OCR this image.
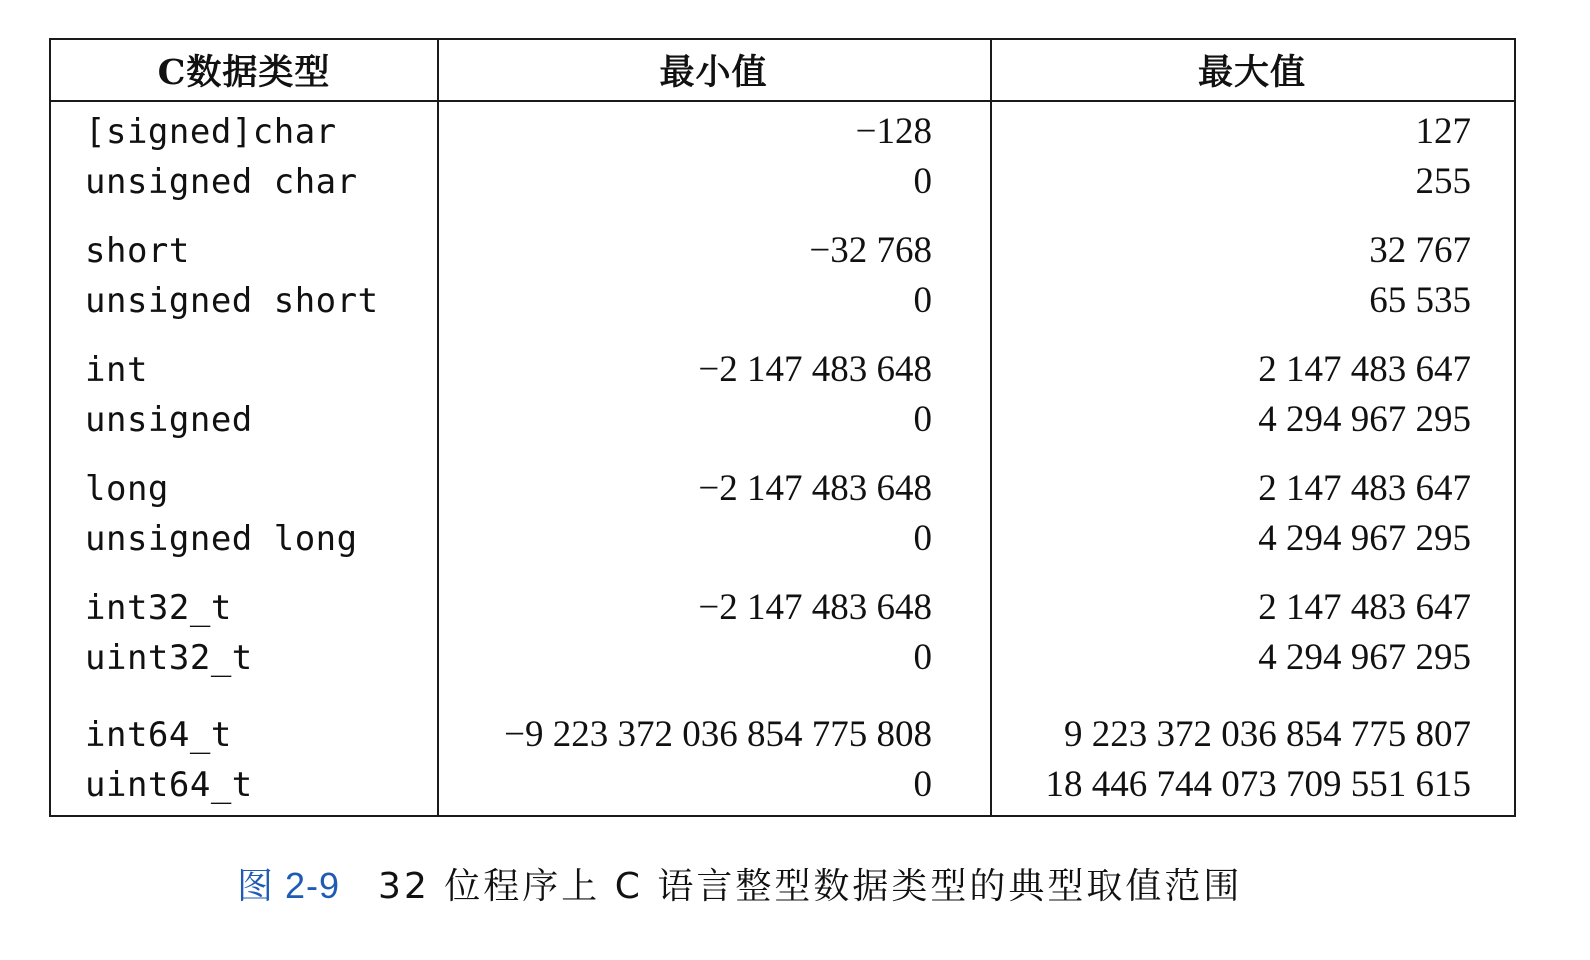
C数据类型	最小值	最大值
[signed]char	−128	127
unsigned char	0	255
short	−32 768	32 767
unsigned short	0	65 535
int	−2 147 483 648	2 147 483 647
unsigned	0	4 294 967 295
long	−2 147 483 648	2 147 483 647
unsigned long	0	4 294 967 295
int32_t	−2 147 483 648	2 147 483 647
uint32_t	0	4 294 967 295
int64_t	−9 223 372 036 854 775 808	9 223 372 036 854 775 807
uint64_t	0	18 446 744 073 709 551 615
图 2-9 32 位程序上 C 语言整型数据类型的典型取值范围
